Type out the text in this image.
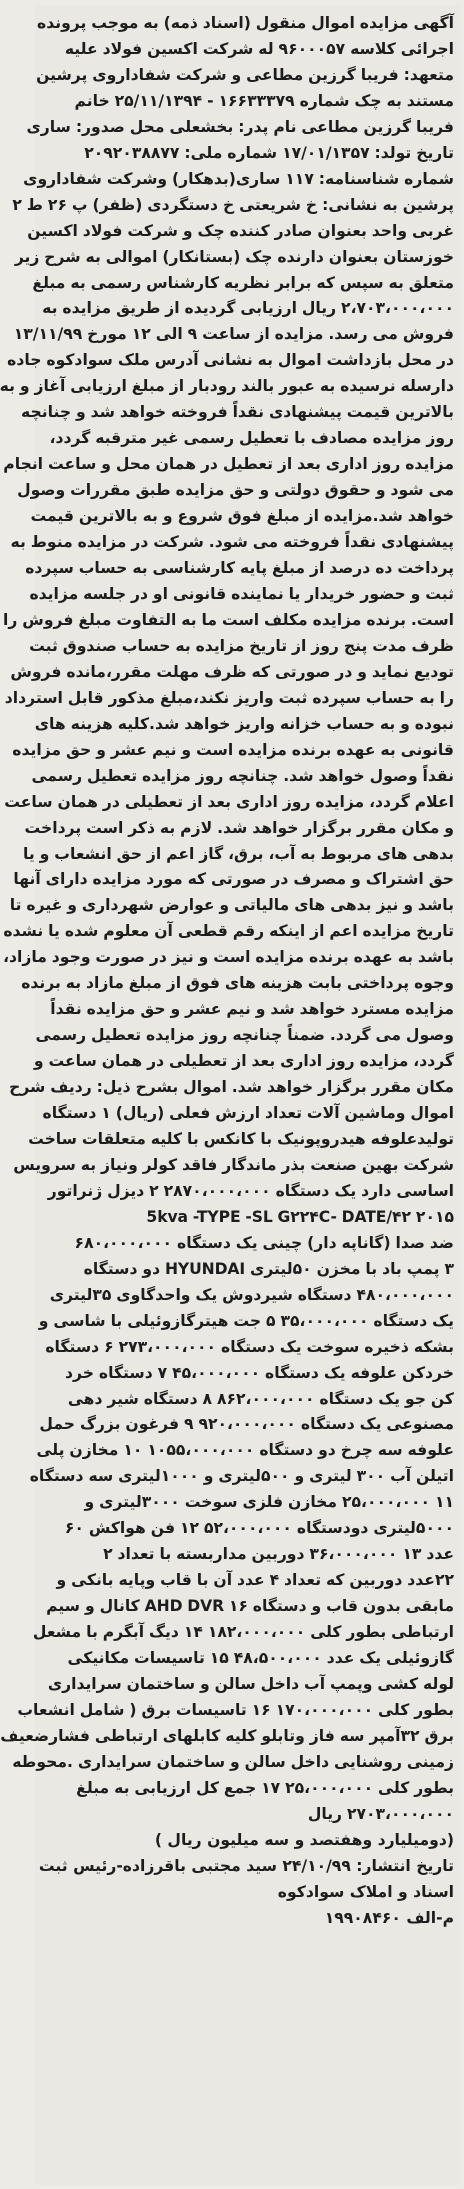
آگهی مزایده اموال منقول (اسناد ذمه) به موجب پرونده
اجرائی کلاسه ۹۶۰۰۰۵۷ له شرکت اکسین فولاد علیه
متعهد: فریبا گرزین مطاعی و شرکت شفاداروی پرشین
مستند به چک شماره ۱۶۶۳۳۳۷۹ - ۲۵/۱۱/۱۳۹۴ خانم
فریبا گرزین مطاعی نام پدر: بخشعلی محل صدور: ساری
تاریخ تولد: ۱۷/۰۱/۱۳۵۷ شماره ملی: ۲۰۹۲۰۳۸۸۷۷
شماره شناسنامه: ۱۱۷ ساری(بدهکار) وشرکت شفاداروی
پرشین به نشانی: خ شریعتی خ دستگردی (ظفر) پ ۲۶ ط ۲
غربی واحد بعنوان صادر کننده چک و شرکت فولاد اکسین
خوزستان بعنوان دارنده چک (بستانکار) اموالی به شرح زیر
متعلق به سپس که برابر نظریه کارشناس رسمی به مبلغ
۲،۷۰۳،۰۰۰،۰۰۰ ریال ارزیابی گردیده از طریق مزایده به
فروش می رسد. مزایده از ساعت ۹ الی ۱۲ مورخ ۱۳/۱۱/۹۹
در محل بازداشت اموال به نشانی آدرس ملک سوادکوه جاده
دارسله نرسیده به عبور بالند رودبار از مبلغ ارزیابی آغاز و به
بالاترین قیمت پیشنهادی نقداً فروخته خواهد شد و چنانچه
روز مزایده مصادف با تعطیل رسمی غیر مترقبه گردد،
مزایده روز اداری بعد از تعطیل در همان محل و ساعت انجام
می شود و حقوق دولتی و حق مزایده طبق مقررات وصول
خواهد شد.مزایده از مبلغ فوق شروع و به بالاترین قیمت
پیشنهادی نقداً فروخته می شود. شرکت در مزایده منوط به
پرداخت ده درصد از مبلغ پایه کارشناسی به حساب سپرده
ثبت و حضور خریدار یا نماینده قانونی او در جلسه مزایده
است. برنده مزایده مکلف است ما به التفاوت مبلغ فروش را
ظرف مدت پنج روز از تاریخ مزایده به حساب صندوق ثبت
تودیع نماید و در صورتی که ظرف مهلت مقرر،مانده فروش
را به حساب سپرده ثبت واریز نکند،مبلغ مذکور قابل استرداد
نبوده و به حساب خزانه واریز خواهد شد.کلیه هزینه های
قانونی به عهده برنده مزایده است و نیم عشر و حق مزایده
نقداً وصول خواهد شد. چنانچه روز مزایده تعطیل رسمی
اعلام گردد، مزایده روز اداری بعد از تعطیلی در همان ساعت
و مکان مقرر برگزار خواهد شد. لازم به ذکر است پرداخت
بدهی های مربوط به آب، برق، گاز اعم از حق انشعاب و یا
حق اشتراک و مصرف در صورتی که مورد مزایده دارای آنها
باشد و نیز بدهی های مالیاتی و عوارض شهرداری و غیره تا
تاریخ مزایده اعم از اینکه رقم قطعی آن معلوم شده یا نشده
باشد به عهده برنده مزایده است و نیز در صورت وجود مازاد،
وجوه پرداختی بابت هزینه های فوق از مبلغ مازاد به برنده
مزایده مسترد خواهد شد و نیم عشر و حق مزایده نقداً
وصول می گردد. ضمناً چنانچه روز مزایده تعطیل رسمی
گردد، مزایده روز اداری بعد از تعطیلی در همان ساعت و
مکان مقرر برگزار خواهد شد. اموال بشرح ذیل: ردیف شرح
اموال وماشین آلات تعداد ارزش فعلی (ریال) ۱ دستگاه
تولیدعلوفه هیدروپونیک با کانکس با کلیه متعلقات ساخت
شرکت بهین صنعت بذر ماندگار فاقد کولر ونیاز به سرویس
اساسی دارد یک دستگاه ۲۸۷۰،۰۰۰،۰۰۰ ۲ دیزل ژنراتور
۲۰۱۵ 5kva -TYPE -SL G۲۲۴C- DATE/۴۲
ضد صدا (گاناپه دار) چینی یک دستگاه ۶۸۰،۰۰۰،۰۰۰
۳ پمپ باد با مخزن ۵۰لیتری HYUNDAI دو دستگاه
۴۸۰،۰۰۰،۰۰۰ دستگاه شیردوش یک واحدگاوی ۳۵لیتری
یک دستگاه ۳۵،۰۰۰،۰۰۰ ۵ جت هیترگازوئیلی با شاسی و
بشکه ذخیره سوخت یک دستگاه ۲۷۳،۰۰۰،۰۰۰ ۶ دستگاه
خردکن علوفه یک دستگاه ۴۵،۰۰۰،۰۰۰ ۷ دستگاه خرد
کن جو یک دستگاه ۸۶۲،۰۰۰،۰۰۰ ۸ دستگاه شیر دهی
مصنوعی یک دستگاه ۹۲۰،۰۰۰،۰۰۰ ۹ فرغون بزرگ حمل
علوفه سه چرخ دو دستگاه ۱۰۵۵،۰۰۰،۰۰۰ ۱۰ مخازن پلی
اتیلن آب ۳۰۰ لیتری و ۵۰۰لیتری و ۱۰۰۰لیتری سه دستگاه
۱۱ ۲۵،۰۰۰،۰۰۰ مخازن فلزی سوخت ۳۰۰۰لیتری و
۵۰۰۰لیتری دودستگاه ۵۲،۰۰۰،۰۰۰ ۱۲ فن هواکش ۶۰
عدد ۱۳ ۳۶،۰۰۰،۰۰۰ دوربین مداربسته با تعداد ۲
۲۲عدد دوربین که تعداد ۴ عدد آن با قاب وپایه بانکی و
مابقی بدون قاب و دستگاه AHD DVR ۱۶ کانال و سیم
ارتباطی بطور کلی ۱۸۲،۰۰۰،۰۰۰ ۱۴ دیگ آبگرم با مشعل
گازوئیلی یک عدد ۴۸،۵۰۰،۰۰۰ ۱۵ تاسیسات مکانیکی
لوله کشی وپمپ آب داخل سالن و ساختمان سرایداری
بطور کلی ۱۷۰،۰۰۰،۰۰۰ ۱۶ تاسیسات برق ( شامل انشعاب
برق ۳۲آمپر سه فاز وتابلو کلیه کابلهای ارتباطی فشارضعیف
زمینی روشنایی داخل سالن و ساختمان سرایداری .محوطه
بطور کلی ۲۵،۰۰۰،۰۰۰ ۱۷ جمع کل ارزیابی به مبلغ
۲۷۰۳،۰۰۰،۰۰۰ ریال
(دومیلیارد وهفتصد و سه میلیون ریال )
تاریخ انتشار: ۲۴/۱۰/۹۹ سید مجتبی باقرزاده-رئیس ثبت
اسناد و املاک سوادکوه
م-الف ۱۹۹۰۸۴۶۰
